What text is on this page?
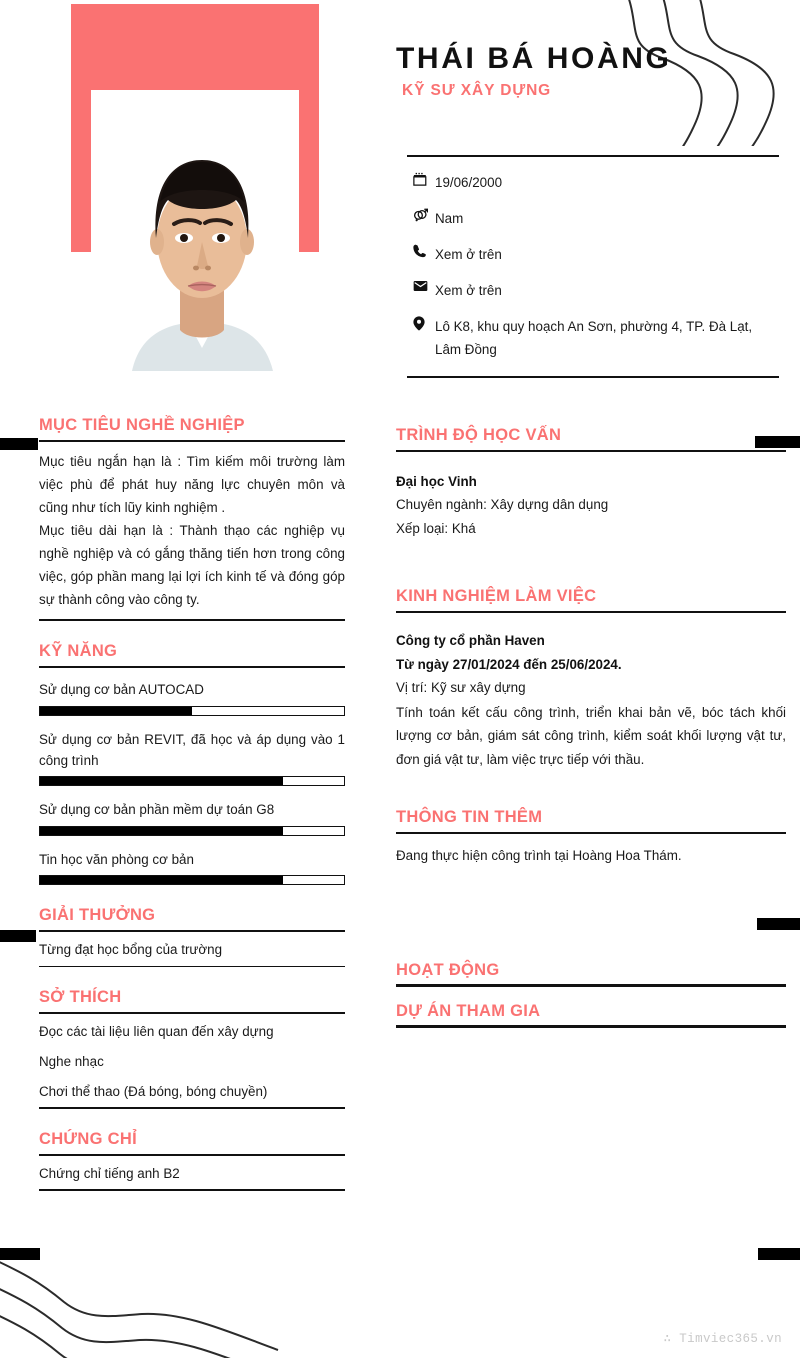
THÁI BÁ HOÀNG
KỸ SƯ XÂY DỰNG
19/06/2000
Nam
Xem ở trên
Xem ở trên
Lô K8, khu quy hoạch An Sơn, phường 4, TP. Đà Lạt, Lâm Đồng
MỤC TIÊU NGHỀ NGHIỆP

Mục tiêu ngắn hạn là : Tìm kiếm môi trường làm việc phù để phát huy năng lực chuyên môn và cũng như tích lũy kinh nghiệm .

Mục tiêu dài hạn là : Thành thạo các nghiệp vụ nghề nghiệp và có gắng thăng tiến hơn trong công việc, góp phần mang lại lợi ích kinh tế và đóng góp sự thành công vào công ty.

KỸ NĂNG
Sử dụng cơ bản AUTOCAD
Sử dụng cơ bản REVIT, đã học và áp dụng vào 1 công trình
Sử dụng cơ bản phần mềm dự toán G8
Tin học văn phòng cơ bản
GIẢI THƯỞNG
Từng đạt học bổng của trường
SỞ THÍCH
Đọc các tài liệu liên quan đến xây dựng
Nghe nhạc
Chơi thể thao (Đá bóng, bóng chuyền)
CHỨNG CHỈ
Chứng chỉ tiếng anh B2
TRÌNH ĐỘ HỌC VẤN
Đại học Vinh
Chuyên ngành: Xây dựng dân dụng
Xếp loại: Khá
KINH NGHIỆM LÀM VIỆC
Công ty cổ phần Haven
Từ ngày 27/01/2024 đến 25/06/2024.
Vị trí: Kỹ sư xây dựng
Tính toán kết cấu công trình, triển khai bản vẽ, bóc tách khối lượng cơ bản, giám sát công trình, kiểm soát khối lượng vật tư, đơn giá vật tư, làm việc trực tiếp với thầu.
THÔNG TIN THÊM
Đang thực hiện công trình tại Hoàng Hoa Thám.
HOẠT ĐỘNG
DỰ ÁN THAM GIA
∴ Timviec365.vn
